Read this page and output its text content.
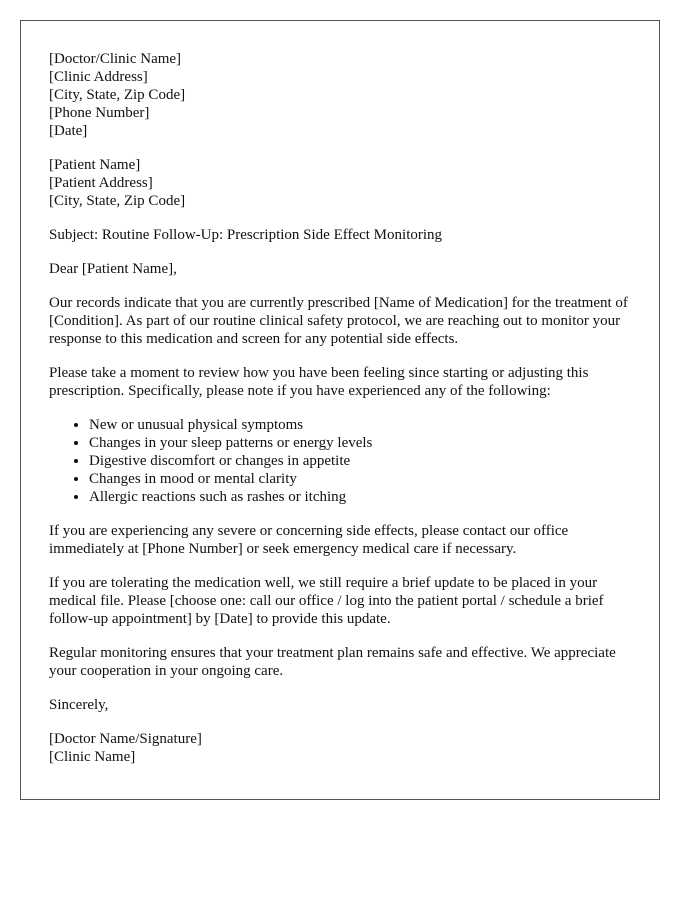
[Doctor/Clinic Name]
[Clinic Address]
[City, State, Zip Code]
[Phone Number]
[Date]
[Patient Name]
[Patient Address]
[City, State, Zip Code]

Subject: Routine Follow-Up: Prescription Side Effect Monitoring

Dear [Patient Name],

Our records indicate that you are currently prescribed [Name of Medication] for the treatment of [Condition]. As part of our routine clinical safety protocol, we are reaching out to monitor your response to this medication and screen for any potential side effects.

Please take a moment to review how you have been feeling since starting or adjusting this prescription. Specifically, please note if you have experienced any of the following:

• New or unusual physical symptoms
• Changes in your sleep patterns or energy levels
• Digestive discomfort or changes in appetite
• Changes in mood or mental clarity
• Allergic reactions such as rashes or itching

If you are experiencing any severe or concerning side effects, please contact our office immediately at [Phone Number] or seek emergency medical care if necessary.

If you are tolerating the medication well, we still require a brief update to be placed in your medical file. Please [choose one: call our office / log into the patient portal / schedule a brief follow-up appointment] by [Date] to provide this update.

Regular monitoring ensures that your treatment plan remains safe and effective. We appreciate your cooperation in your ongoing care.

Sincerely,

[Doctor Name/Signature]
[Clinic Name]
